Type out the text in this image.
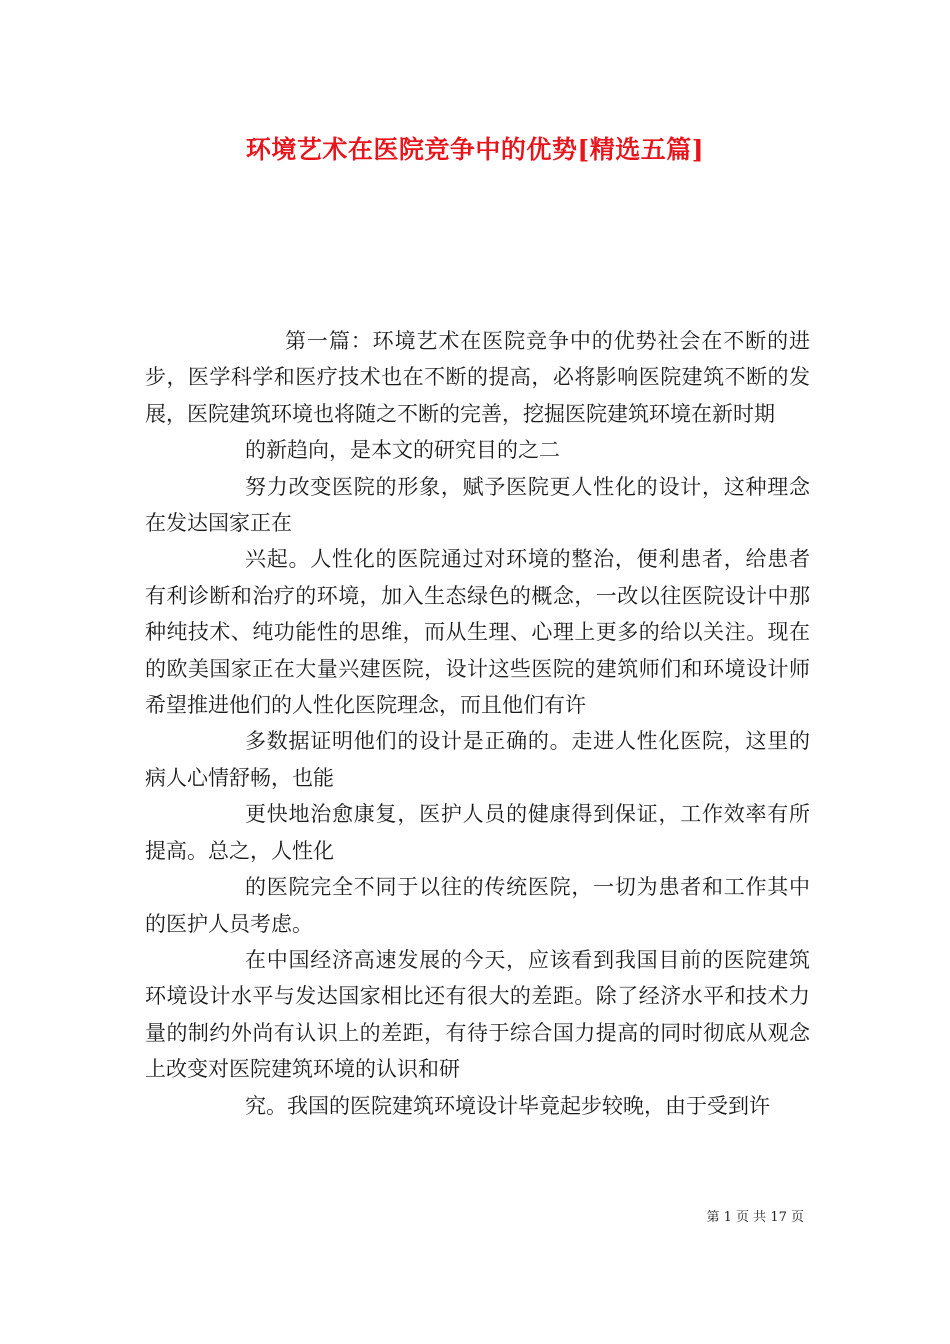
环境艺术在医院竞争中的优势[精选五篇]

第一篇：环境艺术在医院竞争中的优势社会在不断的进步，医学科学和医疗技术也在不断的提高，必将影响医院建筑不断的发展，医院建筑环境也将随之不断的完善，挖掘医院建筑环境在新时期

的新趋向，是本文的研究目的之二

努力改变医院的形象，赋予医院更人性化的设计，这种理念在发达国家正在

兴起。人性化的医院通过对环境的整治，便利患者，给患者有利诊断和治疗的环境，加入生态绿色的概念，一改以往医院设计中那种纯技术、纯功能性的思维，而从生理、心理上更多的给以关注。现在的欧美国家正在大量兴建医院，设计这些医院的建筑师们和环境设计师希望推进他们的人性化医院理念，而且他们有许

多数据证明他们的设计是正确的。走进人性化医院，这里的病人心情舒畅，也能

更快地治愈康复，医护人员的健康得到保证，工作效率有所提高。总之，人性化

的医院完全不同于以往的传统医院，一切为患者和工作其中的医护人员考虑。

在中国经济高速发展的今天，应该看到我国目前的医院建筑环境设计水平与发达国家相比还有很大的差距。除了经济水平和技术力量的制约外尚有认识上的差距，有待于综合国力提高的同时彻底从观念上改变对医院建筑环境的认识和研

究。我国的医院建筑环境设计毕竟起步较晚，由于受到许

第 1 页 共 17 页
